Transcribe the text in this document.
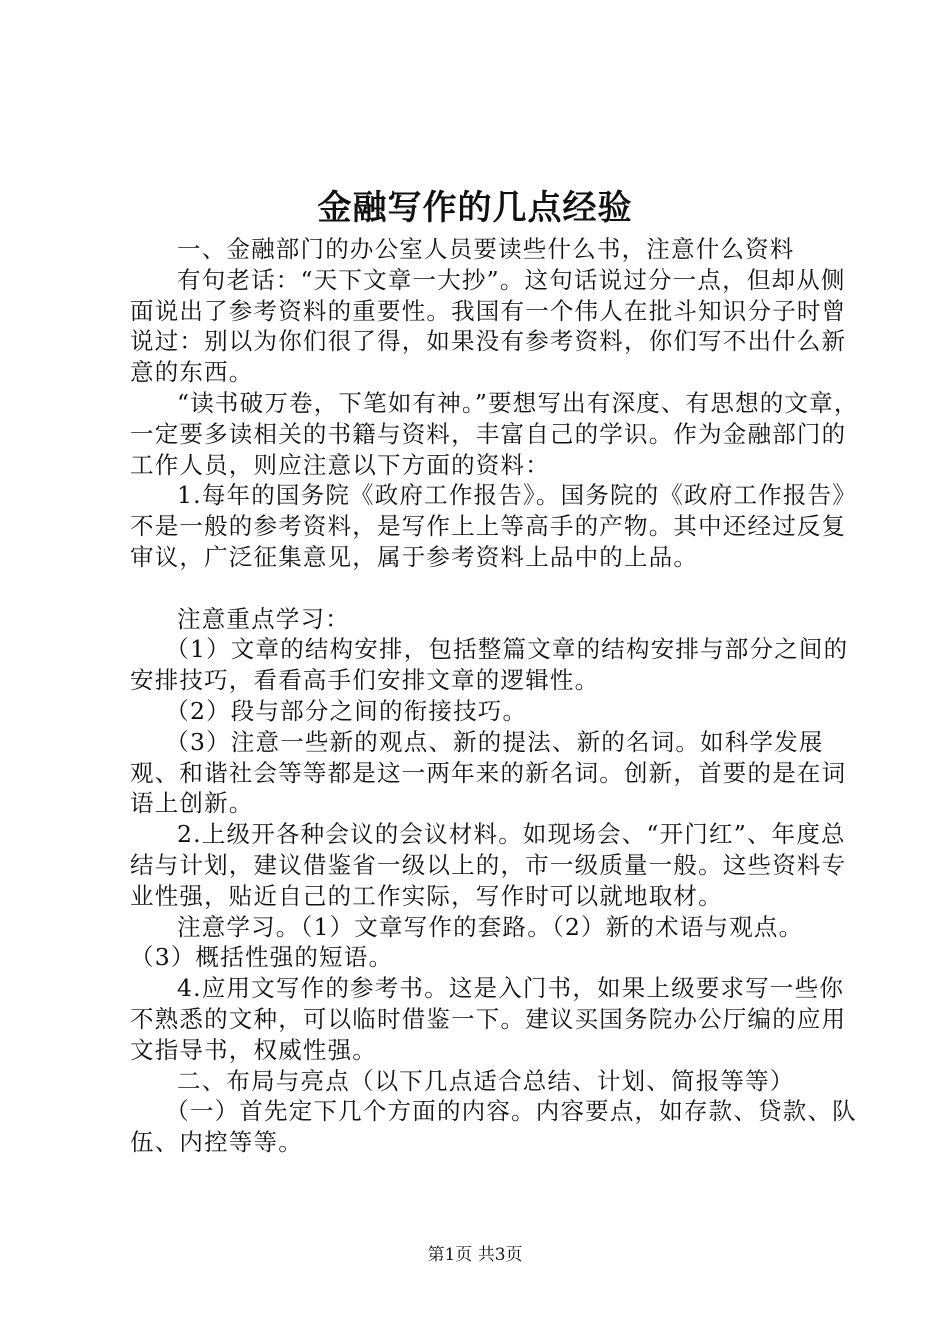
金融写作的几点经验

一、金融部门的办公室人员要读些什么书，注意什么资料

有句老话：“天下文章一大抄”。这句话说过分一点，但却从侧面说出了参考资料的重要性。我国有一个伟人在批斗知识分子时曾说过：别以为你们很了得，如果没有参考资料，你们写不出什么新意的东西。

“读书破万卷，下笔如有神。”要想写出有深度、有思想的文章，一定要多读相关的书籍与资料，丰富自己的学识。作为金融部门的工作人员，则应注意以下方面的资料：

1.每年的国务院《政府工作报告》。国务院的《政府工作报告》不是一般的参考资料，是写作上上等高手的产物。其中还经过反复审议，广泛征集意见，属于参考资料上品中的上品。

注意重点学习：

（1）文章的结构安排，包括整篇文章的结构安排与部分之间的安排技巧，看看高手们安排文章的逻辑性。

（2）段与部分之间的衔接技巧。

（3）注意一些新的观点、新的提法、新的名词。如科学发展观、和谐社会等等都是这一两年来的新名词。创新，首要的是在词语上创新。

2.上级开各种会议的会议材料。如现场会、“开门红”、年度总结与计划，建议借鉴省一级以上的，市一级质量一般。这些资料专业性强，贴近自己的工作实际，写作时可以就地取材。

注意学习。（1）文章写作的套路。（2）新的术语与观点。

（3）概括性强的短语。

4.应用文写作的参考书。这是入门书，如果上级要求写一些你不熟悉的文种，可以临时借鉴一下。建议买国务院办公厅编的应用文指导书，权威性强。

二、布局与亮点（以下几点适合总结、计划、简报等等）

（一）首先定下几个方面的内容。内容要点，如存款、贷款、队伍、内控等等。

第1页 共3页
